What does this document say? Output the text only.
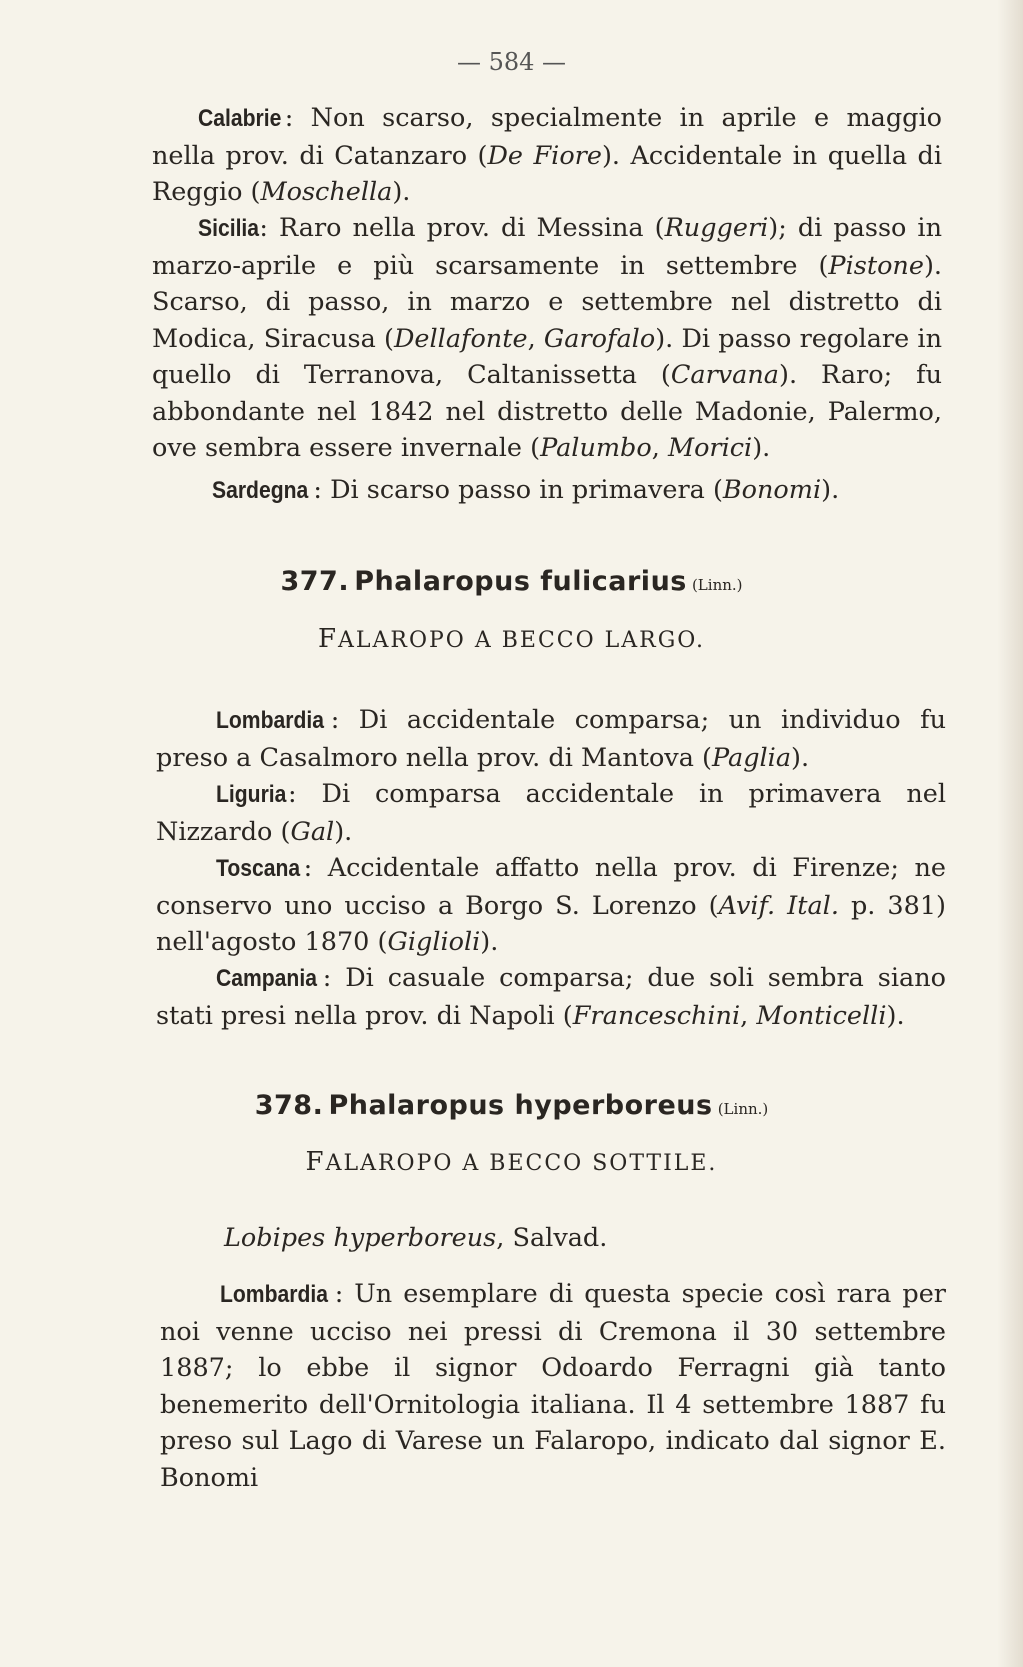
— 584 —
Calabrie : Non scarso, specialmente in aprile e maggio nella prov. di Catanzaro (De Fiore). Accidentale in quella di Reggio (Moschella).
Sicilia: Raro nella prov. di Messina (Ruggeri); di passo in marzo-aprile e più scarsamente in settembre (Pistone). Scarso, di passo, in marzo e settembre nel distretto di Modica, Siracusa (Dellafonte, Garofalo). Di passo regolare in quello di Terranova, Caltanissetta (Carvana). Raro; fu abbondante nel 1842 nel distretto delle Madonie, Palermo, ove sembra essere invernale (Palumbo, Morici).
Sardegna : Di scarso passo in primavera (Bonomi).
377. Phalaropus fulicarius (Linn.)
FALAROPO A BECCO LARGO.
Lombardia : Di accidentale comparsa; un individuo fu preso a Casalmoro nella prov. di Mantova (Paglia).
Liguria: Di comparsa accidentale in primavera nel Nizzardo (Gal).
Toscana : Accidentale affatto nella prov. di Firenze; ne conservo uno ucciso a Borgo S. Lorenzo (Avif. Ital. p. 381) nell'agosto 1870 (Giglioli).
Campania : Di casuale comparsa; due soli sembra siano stati presi nella prov. di Napoli (Franceschini, Monticelli).
378. Phalaropus hyperboreus (Linn.)
FALAROPO A BECCO SOTTILE.
Lobipes hyperboreus, Salvad.
Lombardia : Un esemplare di questa specie così rara per noi venne ucciso nei pressi di Cremona il 30 settembre 1887; lo ebbe il signor Odoardo Ferragni già tanto benemerito dell'Ornitologia italiana. Il 4 settembre 1887 fu preso sul Lago di Varese un Falaropo, indicato dal signor E. Bonomi
